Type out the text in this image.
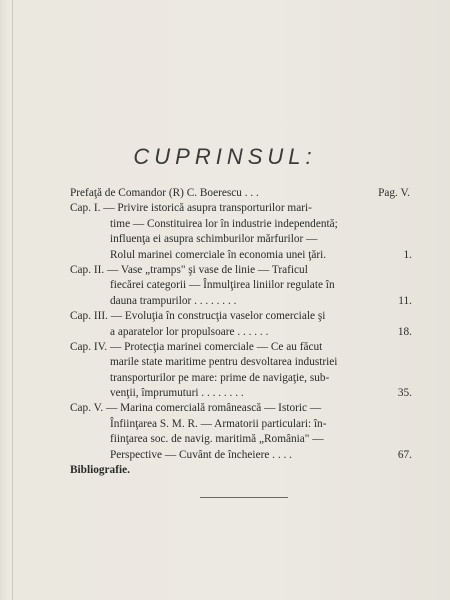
CUPRINSUL:
Prefaţă de Comandor (R) C. Boerescu . . .	Pag. V.
Cap. I. — Privire istorică asupra transporturilor mari-
time — Constituirea lor în industrie independentă;
influenţa ei asupra schimburilor mărfurilor —
Rolul marinei comerciale în economia unei ţări.	1.
Cap. II. — Vase „tramps" şi vase de linie — Traficul
fiecărei categorii — Înmulţirea liniilor regulate în
dauna trampurilor . . . . . . . .	11.
Cap. III. — Evoluţia în construcţia vaselor comerciale şi
a aparatelor lor propulsoare . . . . . .	18.
Cap. IV. — Protecţia marinei comerciale — Ce au făcut
marile state maritime pentru desvoltarea industriei
transporturilor pe mare: prime de navigaţie, sub-
venţii, împrumuturi . . . . . . . .	35.
Cap. V. — Marina comercială românească — Istoric —
Înfiinţarea S. M. R. — Armatorii particulari: în-
fiinţarea soc. de navig. maritimă „România" —
Perspective — Cuvânt de încheiere . . . .	67.
Bibliografie.
